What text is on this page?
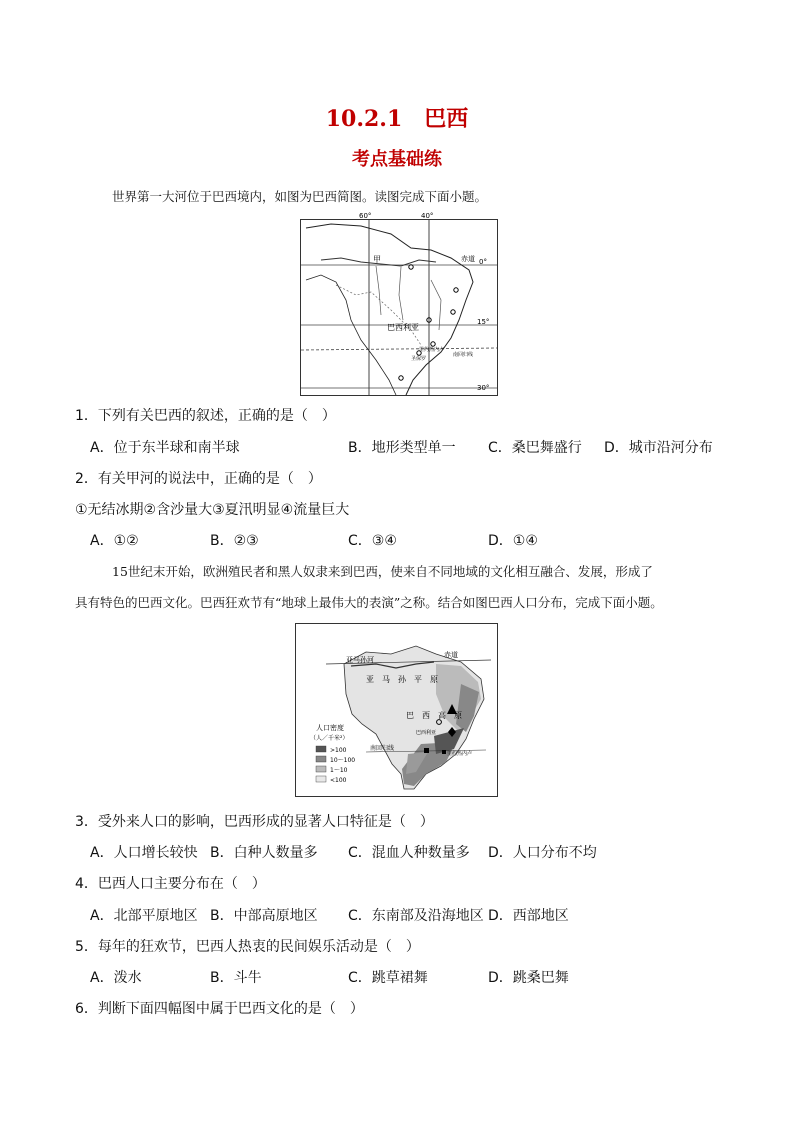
10.2.1　巴西
考点基础练
世界第一大河位于巴西境内，如图为巴西简图。读图完成下面小题。
60°	40°
0°
15°
30°
甲	赤道
巴西利亚
里约热内卢
圣保罗
南回归线
1．下列有关巴西的叙述，正确的是（　）
A．位于东半球和南半球	B．地形类型单一 C．桑巴舞盛行 D．城市沿河分布
2．有关甲河的说法中，正确的是（　）
①无结冰期②含沙量大③夏汛明显④流量巨大
A．①②	B．②③	C．③④	D．①④
15世纪末开始，欧洲殖民者和黑人奴隶来到巴西，使来自不同地域的文化相互融合、发展，形成了
具有特色的巴西文化。巴西狂欢节有“地球上最伟大的表演”之称。结合如图巴西人口分布，完成下面小题。
亚马孙河
赤道
亚　马　孙　平　原
巴　西　高　原
巴西利亚
南回归线
里约热内卢
人口密度
（人／千米²）
>100
10～100
1～10
<100
3．受外来人口的影响，巴西形成的显著人口特征是（　）
A．人口增长较快 B．白种人数量多 C．混血人种数量多 D．人口分布不均
4．巴西人口主要分布在（　）
A．北部平原地区 B．中部高原地区 C．东南部及沿海地区 D．西部地区
5．每年的狂欢节，巴西人热衷的民间娱乐活动是（　）
A．泼水	B．斗牛	C．跳草裙舞	D．跳桑巴舞
6．判断下面四幅图中属于巴西文化的是（　）
